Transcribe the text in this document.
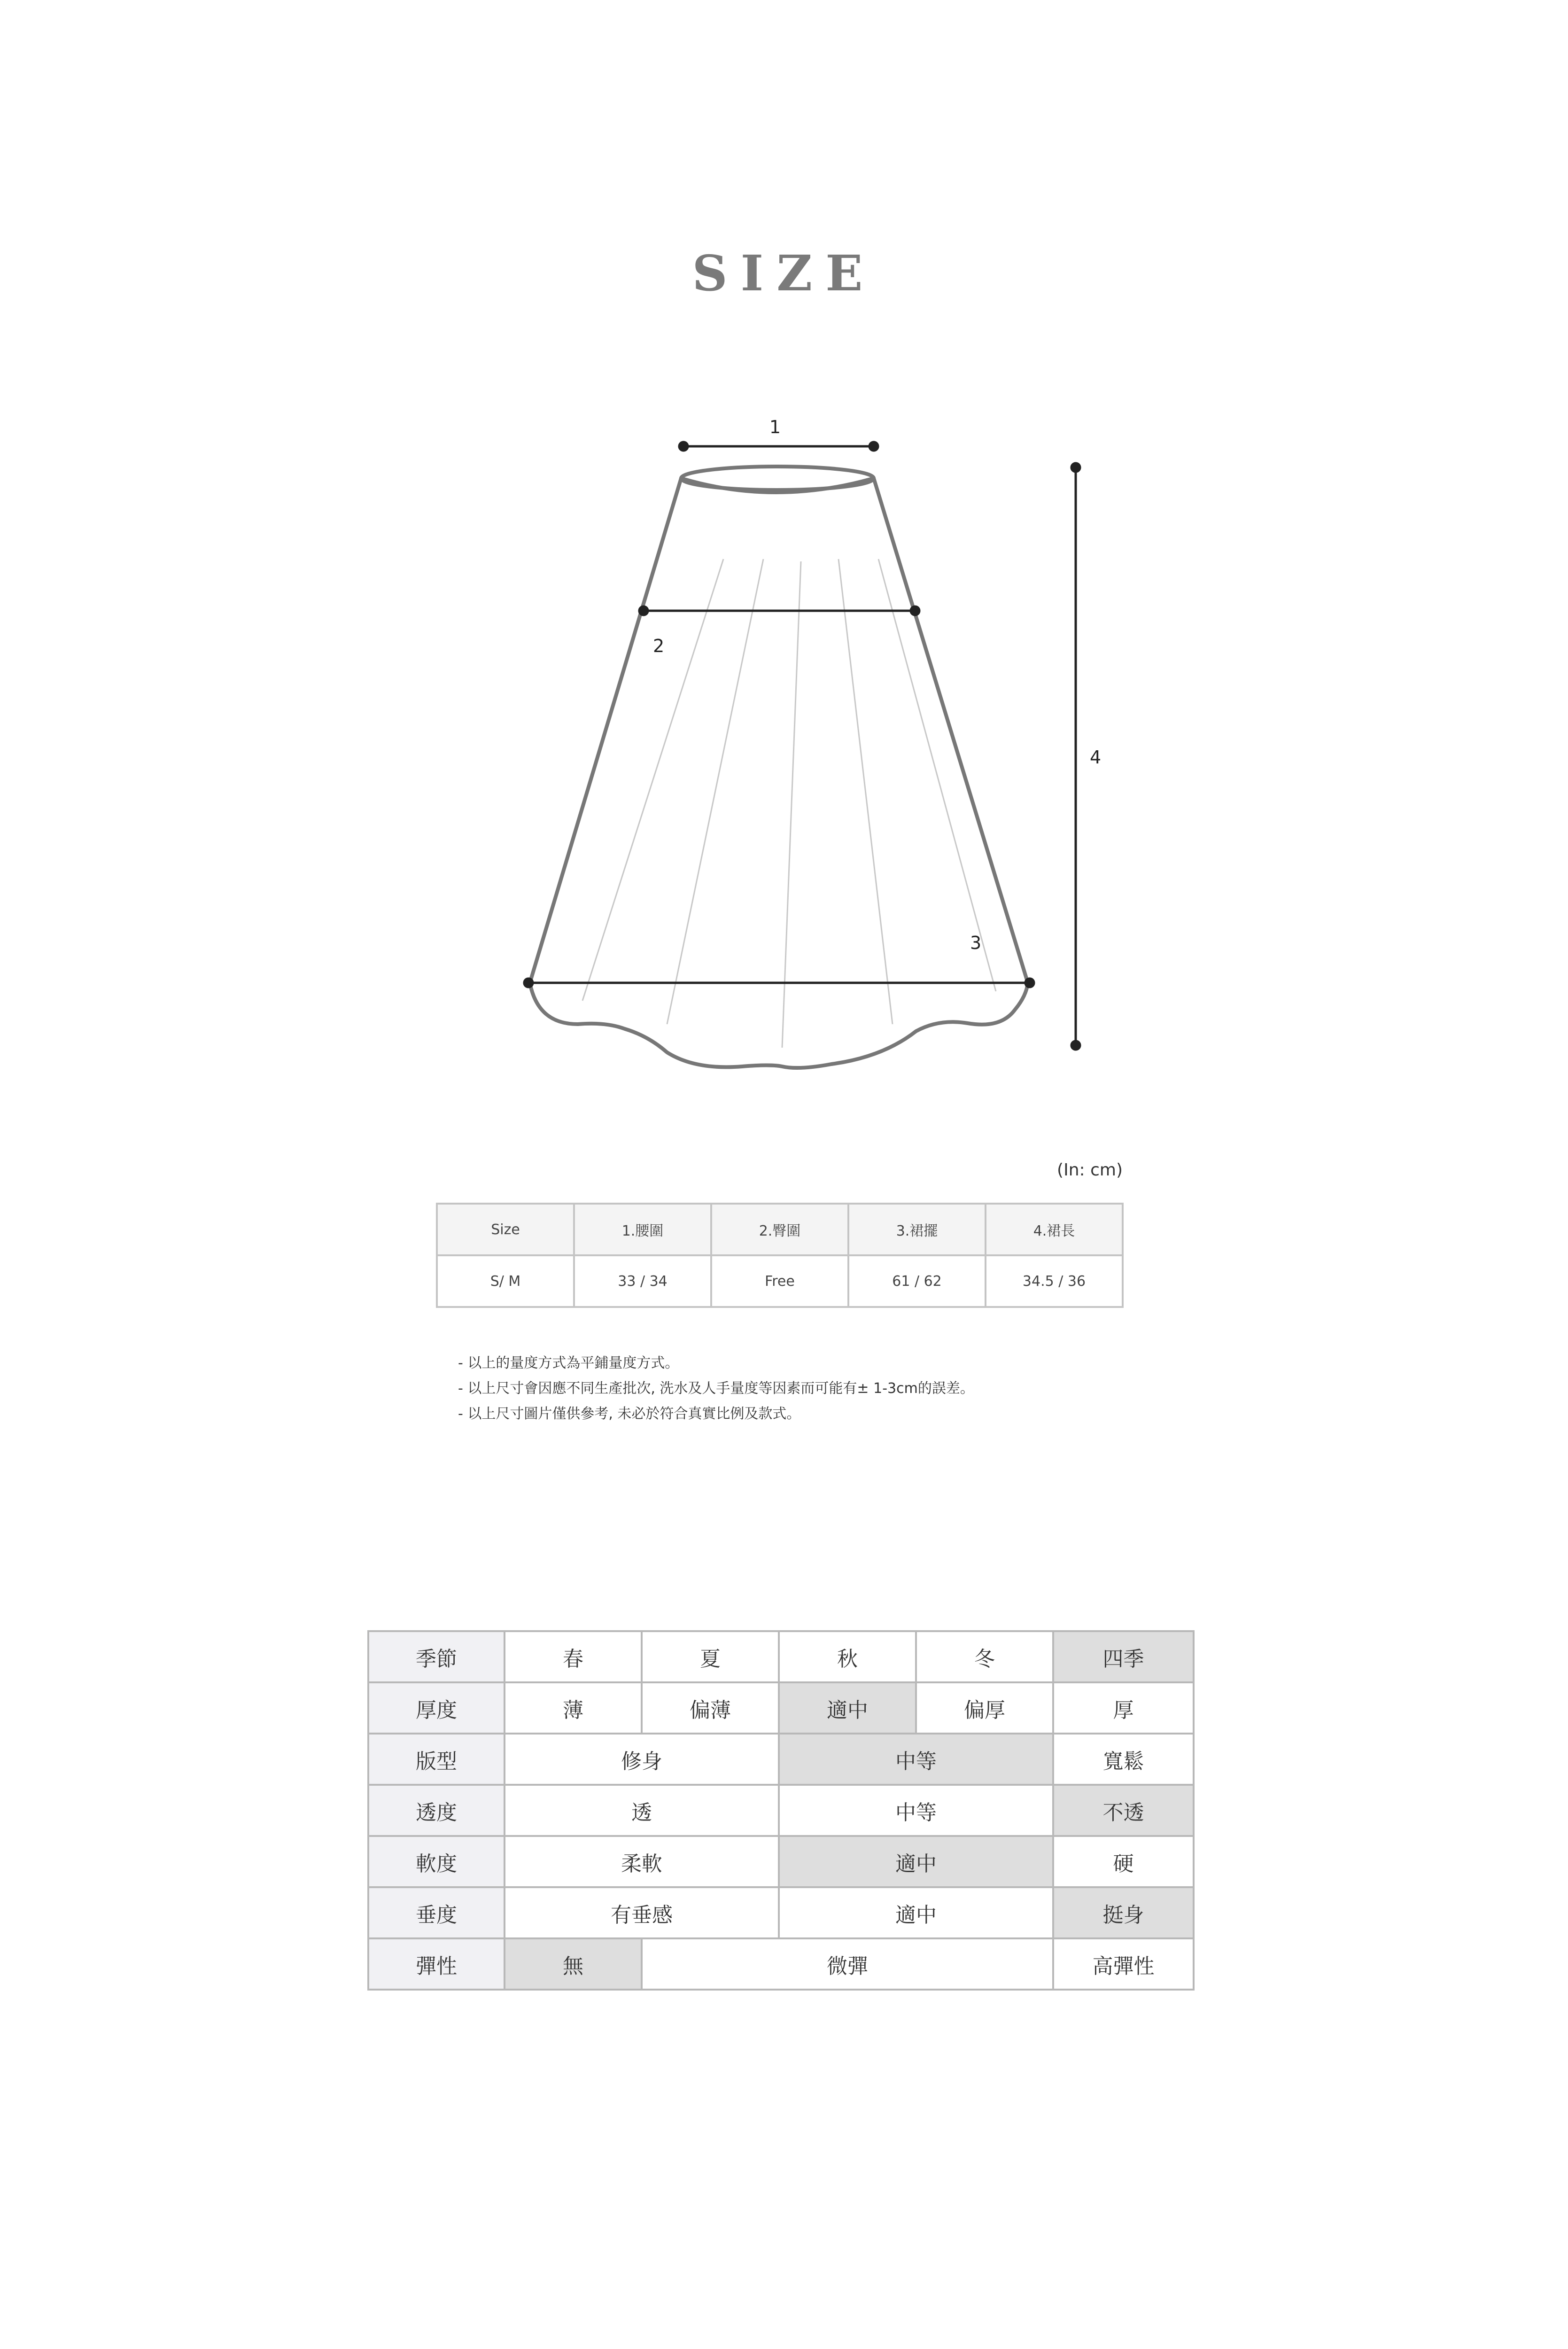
SIZE
1
2
3
4
(In: cm)
Size	1.腰圍	2.臀圍	3.裙擺	4.裙長
S/ M	33 / 34	Free	61 / 62	34.5 / 36
- 以上的量度方式為平鋪量度方式。
- 以上尺寸會因應不同生產批次, 洗水及人手量度等因素而可能有± 1-3cm的誤差。
- 以上尺寸圖片僅供參考, 未必於符合真實比例及款式。
季節	春	夏	秋	冬	四季
厚度	薄	偏薄	適中	偏厚	厚
版型	修身		中等		寬鬆
透度	透		中等		不透
軟度	柔軟		適中		硬
垂度	有垂感		適中		挺身
彈性	無	微彈			高彈性
